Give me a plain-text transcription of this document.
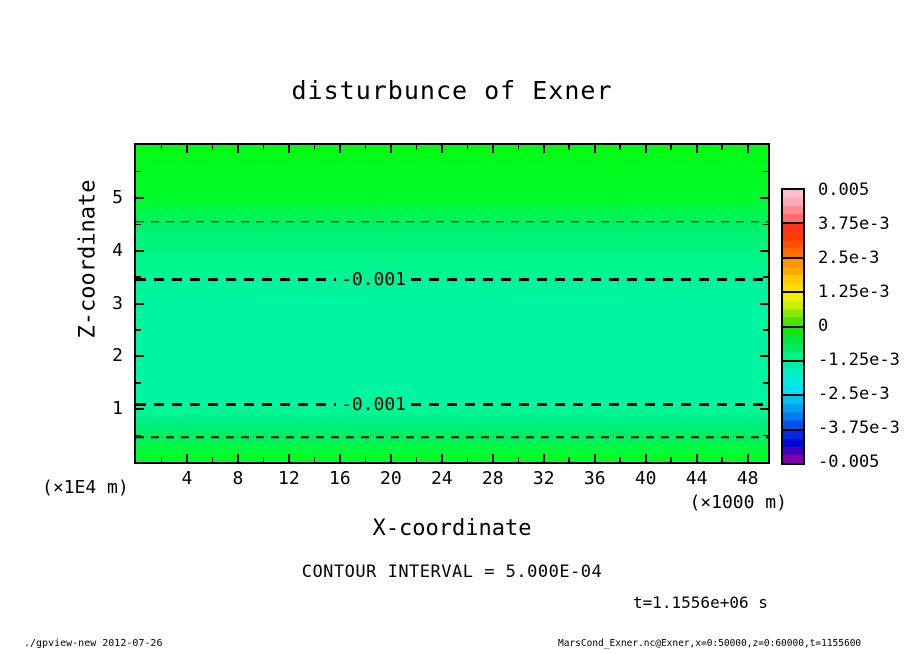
disturbunce of Exner
-0.001
-0.001
Z-coordinate
1
2
3
4
5
4	8	12	16	20	24	28	32	36	40	44	48
(×1E4 m)
(×1000 m)
X-coordinate
0.005
3.75e-3
2.5e-3
1.25e-3
0
-1.25e-3
-2.5e-3
-3.75e-3
-0.005
CONTOUR INTERVAL = 5.000E-04
t=1.1556e+06 s
./gpview-new 2012-07-26	MarsCond_Exner.nc@Exner,x=0:50000,z=0:60000,t=1155600
